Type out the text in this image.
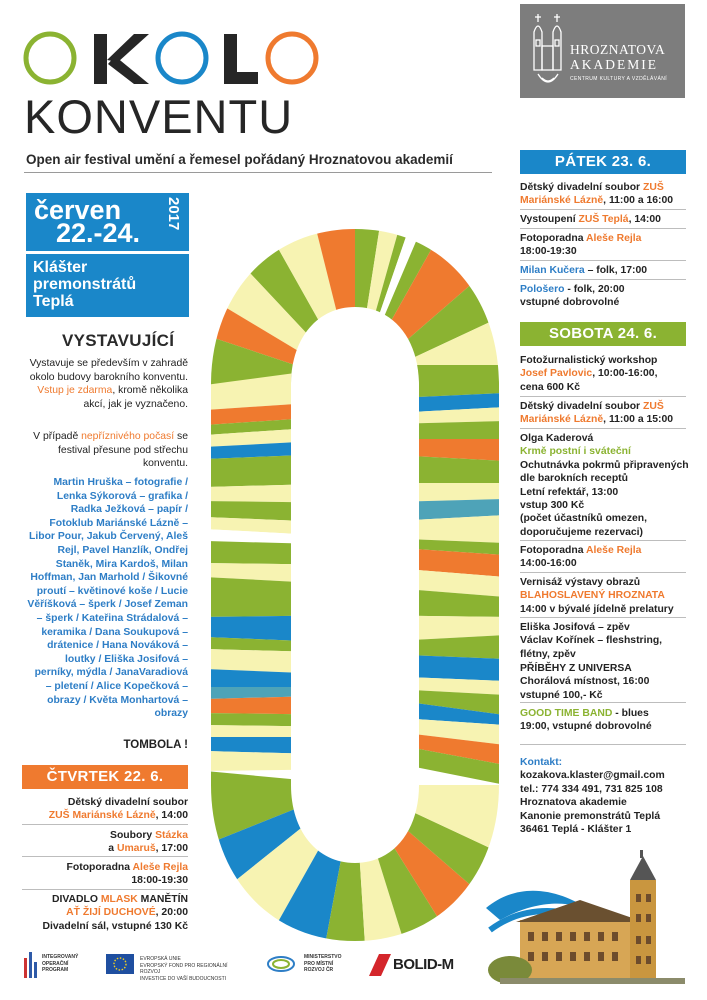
KONVENTU
HROZNATOVA
AKADEMIE
CENTRUM KULTURY A VZDĚLÁVÁNÍ
Open air festival umění a řemesel pořádaný Hroznatovou akademií
červen
22.-24.
2017
Klášter
premonstrátů
Teplá
VYSTAVUJÍCÍ
Vystavuje se především v zahradě okolo budovy barokního konventu. Vstup je zdarma, kromě několika akcí, jak je vyznačeno.
V případě nepříznivého počasí se festival přesune pod střechu konventu.
Martin Hruška – fotografie / Lenka Sýkorová – grafika / Radka Ježková – papír / Fotoklub Mariánské Lázně – Libor Pour, Jakub Červený, Aleš Rejl, Pavel Hanzlík, Ondřej Staněk, Mira Kardoš, Milan Hoffman, Jan Marhold / Šikovné proutí – květinové koše / Lucie Věříšková – šperk / Josef Zeman – šperk / Kateřina Strádalová – keramika / Dana Soukupová – drátenice / Hana Nováková – loutky / Eliška Josifová – perníky, mýdla / JanaVaradiová – pletení / Alice Kopečková – obrazy / Květa Monhartová – obrazy
TOMBOLA !
ČTVRTEK 22. 6.
Dětský divadelní soubor
ZUŠ Mariánské Lázně, 14:00
Soubory Stázka
a Umaruš, 17:00
Fotoporadna Aleše Rejla
18:00-19:30
DIVADLO MLASK MANĚTÍN
AŤ ŽIJÍ DUCHOVÉ, 20:00
Divadelní sál, vstupné 130 Kč
PÁTEK 23. 6.
Dětský divadelní soubor ZUŠ Mariánské Lázně, 11:00 a 16:00
Vystoupení ZUŠ Teplá, 14:00
Fotoporadna Aleše Rejla
18:00-19:30
Milan Kučera – folk, 17:00
Pološero - folk, 20:00
vstupné dobrovolné
SOBOTA 24. 6.
Fotožurnalistický workshop
Josef Pavlovic, 10:00-16:00,
cena 600 Kč
Dětský divadelní soubor ZUŠ Mariánské Lázně, 11:00 a 15:00
Olga Kaderová
Krmě postní i sváteční
Ochutnávka pokrmů připravených dle barokních receptů
Letní refektář, 13:00
vstup 300 Kč
(počet účastníků omezen, doporučujeme rezervaci)
Fotoporadna Aleše Rejla
14:00-16:00
Vernisáž výstavy obrazů
BLAHOSLAVENÝ HROZNATA
14:00 v bývalé jídelně prelatury
Eliška Josifová – zpěv
Václav Kořínek – fleshstring, flétny, zpěv
PŘÍBĚHY Z UNIVERSA
Chorálová místnost, 16:00
vstupné 100,- Kč
GOOD TIME BAND - blues
19:00, vstupné dobrovolné
Kontakt:
kozakova.klaster@gmail.com
tel.: 774 334 491, 731 825 108
Hroznatova akademie
Kanonie premonstrátů Teplá
36461 Teplá - Klášter 1
INTEGROVANÝ
OPERAČNÍ
PROGRAM
EVROPSKÁ UNIE
EVROPSKÝ FOND PRO REGIONÁLNÍ ROZVOJ
INVESTICE DO VAŠÍ BUDOUCNOSTI
MINISTERSTVO
PRO MÍSTNÍ
ROZVOJ ČR	BOLID-M
